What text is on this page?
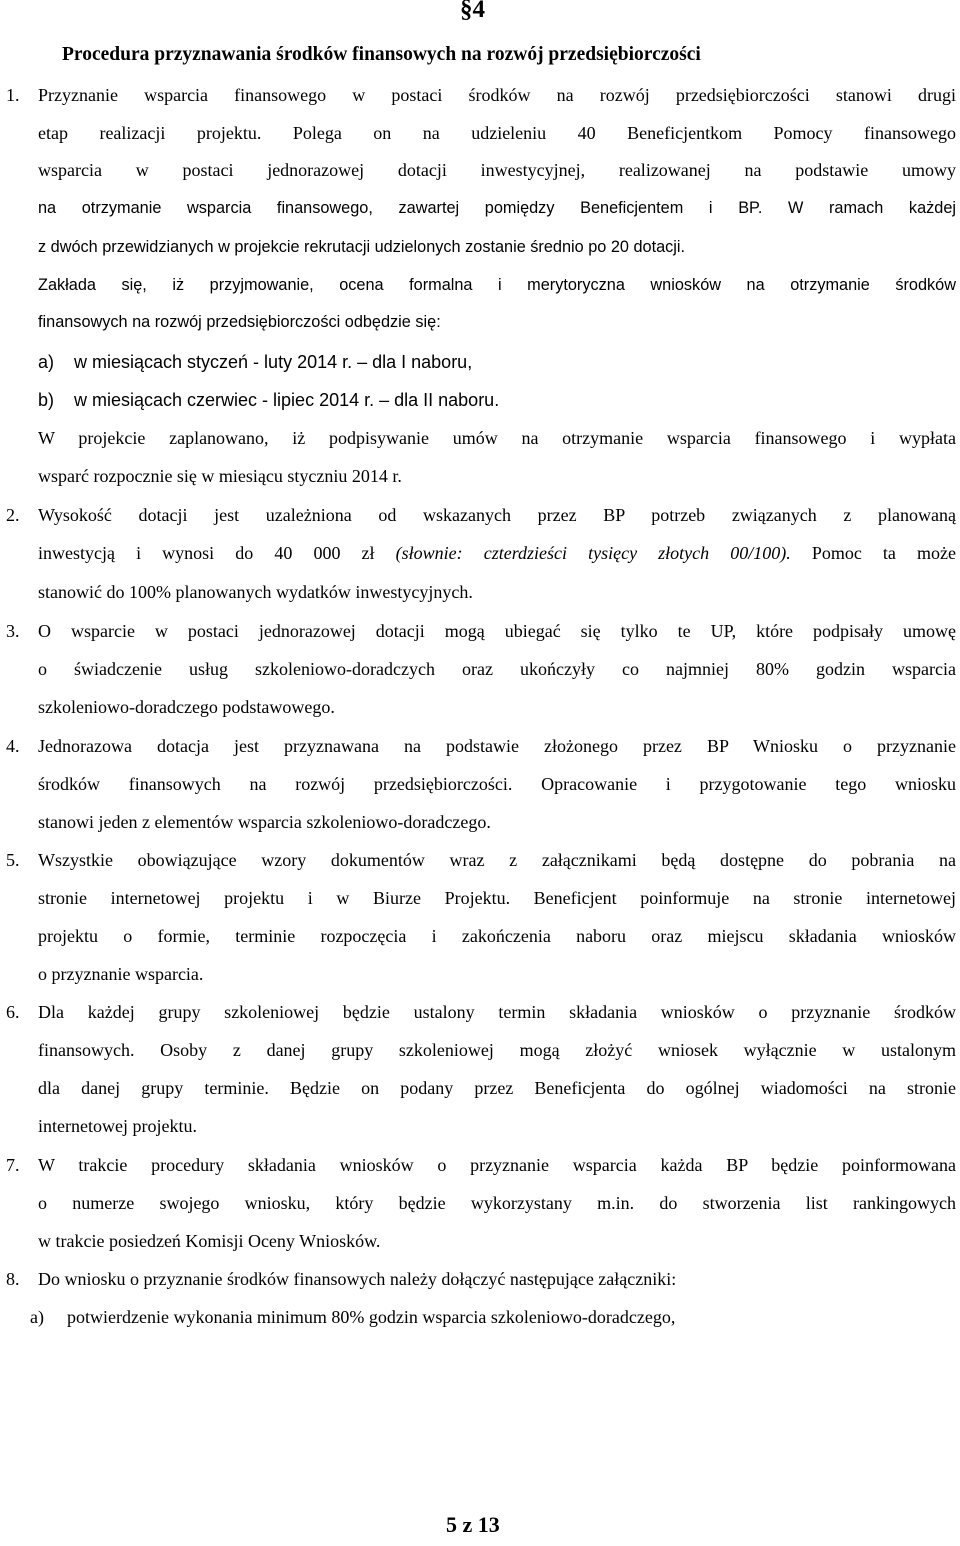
§4
Procedura przyznawania środków finansowych na rozwój przedsiębiorczości
1. Przyznanie wsparcia finansowego w postaci środków na rozwój przedsiębiorczości stanowi drugi
etap realizacji projektu. Polega on na udzieleniu 40 Beneficjentkom Pomocy finansowego
wsparcia w postaci jednorazowej dotacji inwestycyjnej, realizowanej na podstawie umowy
na otrzymanie wsparcia finansowego, zawartej pomiędzy Beneficjentem i BP. W ramach każdej
z dwóch przewidzianych w projekcie rekrutacji udzielonych zostanie średnio po 20 dotacji.
Zakłada się, iż przyjmowanie, ocena formalna i merytoryczna wniosków na otrzymanie środków
finansowych na rozwój przedsiębiorczości odbędzie się:
a) w miesiącach styczeń - luty 2014 r. – dla I naboru,
b) w miesiącach czerwiec - lipiec 2014 r. – dla II naboru.
W projekcie zaplanowano, iż podpisywanie umów na otrzymanie wsparcia finansowego i wypłata
wsparć rozpocznie się w miesiącu styczniu 2014 r.
2. Wysokość dotacji jest uzależniona od wskazanych przez BP potrzeb związanych z planowaną
inwestycją i wynosi do 40 000 zł (słownie: czterdzieści tysięcy złotych 00/100). Pomoc ta może
stanowić do 100% planowanych wydatków inwestycyjnych.
3. O wsparcie w postaci jednorazowej dotacji mogą ubiegać się tylko te UP, które podpisały umowę
o świadczenie usług szkoleniowo-doradczych oraz ukończyły co najmniej 80% godzin wsparcia
szkoleniowo-doradczego podstawowego.
4. Jednorazowa dotacja jest przyznawana na podstawie złożonego przez BP Wniosku o przyznanie
środków finansowych na rozwój przedsiębiorczości. Opracowanie i przygotowanie tego wniosku
stanowi jeden z elementów wsparcia szkoleniowo-doradczego.
5. Wszystkie obowiązujące wzory dokumentów wraz z załącznikami będą dostępne do pobrania na
stronie internetowej projektu i w Biurze Projektu. Beneficjent poinformuje na stronie internetowej
projektu o formie, terminie rozpoczęcia i zakończenia naboru oraz miejscu składania wniosków
o przyznanie wsparcia.
6. Dla każdej grupy szkoleniowej będzie ustalony termin składania wniosków o przyznanie środków
finansowych. Osoby z danej grupy szkoleniowej mogą złożyć wniosek wyłącznie w ustalonym
dla danej grupy terminie. Będzie on podany przez Beneficjenta do ogólnej wiadomości na stronie
internetowej projektu.
7. W trakcie procedury składania wniosków o przyznanie wsparcia każda BP będzie poinformowana
o numerze swojego wniosku, który będzie wykorzystany m.in. do stworzenia list rankingowych
w trakcie posiedzeń Komisji Oceny Wniosków.
8. Do wniosku o przyznanie środków finansowych należy dołączyć następujące załączniki:
a) potwierdzenie wykonania minimum 80% godzin wsparcia szkoleniowo-doradczego,
5 z 13
